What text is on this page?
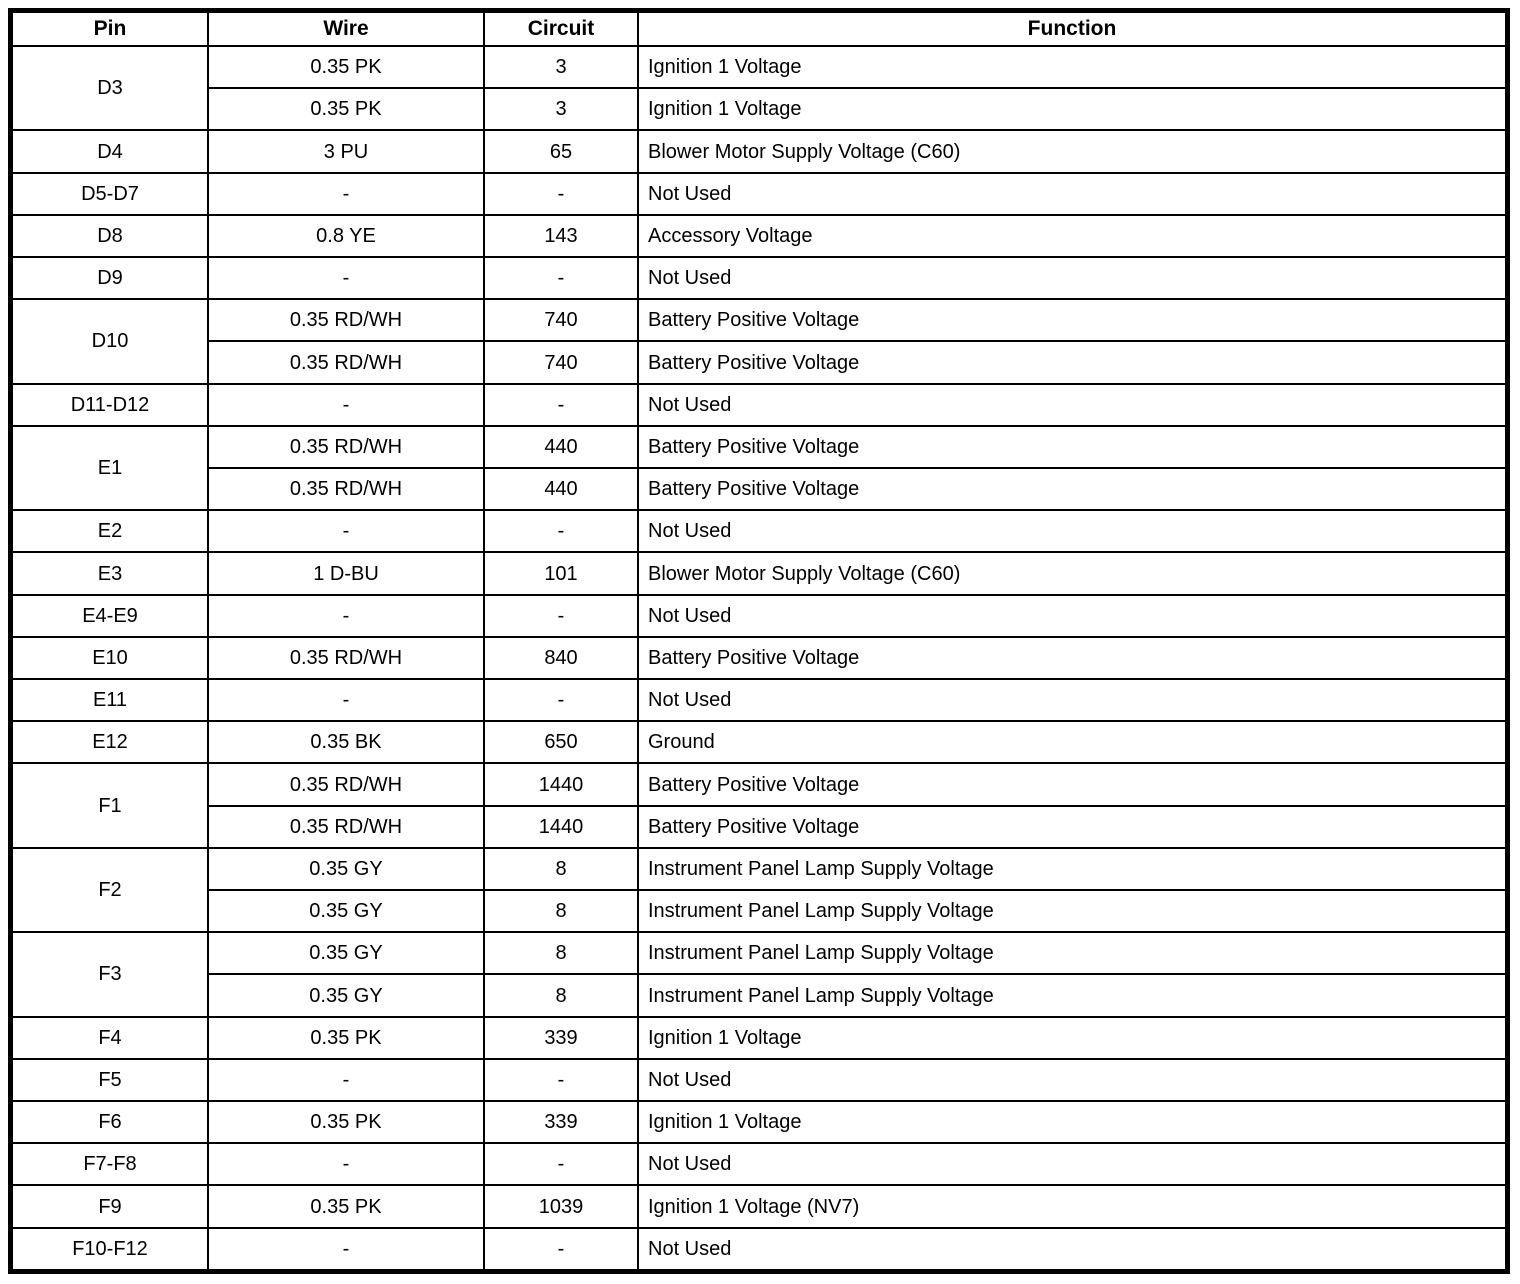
Pin	Wire	Circuit	Function
D3	0.35 PK	3	Ignition 1 Voltage
	0.35 PK	3	Ignition 1 Voltage
D4	3 PU	65	Blower Motor Supply Voltage (C60)
D5-D7	-	-	Not Used
D8	0.8 YE	143	Accessory Voltage
D9	-	-	Not Used
D10	0.35 RD/WH	740	Battery Positive Voltage
	0.35 RD/WH	740	Battery Positive Voltage
D11-D12	-	-	Not Used
E1	0.35 RD/WH	440	Battery Positive Voltage
	0.35 RD/WH	440	Battery Positive Voltage
E2	-	-	Not Used
E3	1 D-BU	101	Blower Motor Supply Voltage (C60)
E4-E9	-	-	Not Used
E10	0.35 RD/WH	840	Battery Positive Voltage
E11	-	-	Not Used
E12	0.35 BK	650	Ground
F1	0.35 RD/WH	1440	Battery Positive Voltage
	0.35 RD/WH	1440	Battery Positive Voltage
F2	0.35 GY	8	Instrument Panel Lamp Supply Voltage
	0.35 GY	8	Instrument Panel Lamp Supply Voltage
F3	0.35 GY	8	Instrument Panel Lamp Supply Voltage
	0.35 GY	8	Instrument Panel Lamp Supply Voltage
F4	0.35 PK	339	Ignition 1 Voltage
F5	-	-	Not Used
F6	0.35 PK	339	Ignition 1 Voltage
F7-F8	-	-	Not Used
F9	0.35 PK	1039	Ignition 1 Voltage (NV7)
F10-F12	-	-	Not Used
